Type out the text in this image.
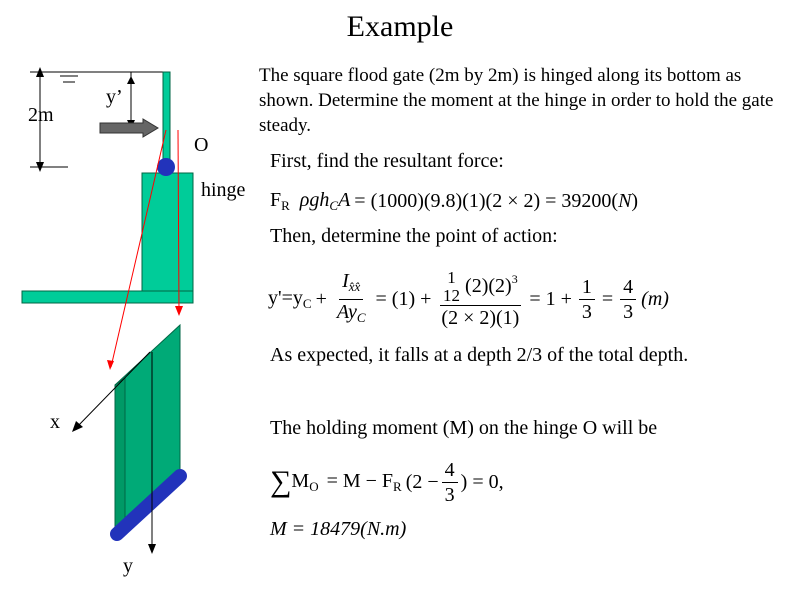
2m
y’
O
hinge
x
y
Example
The square flood gate (2m by 2m) is hinged along its bottom as shown. Determine the moment at the hinge in order to hold the gate steady.
First, find the resultant force:
$F_R$ ρgh$_C$A = (1000)(9.8)(1)(2 × 2) = 39200( N )
Then, determine the point of action:
$y'=y_C + \frac{I_{x̂x̂}}{Ay_C} = (1) + 1$
12 $(2)(2)^3$
$(2 \times 2)(1) = 1 + \frac{1}{3} = \frac{4}{3} (m)$
As expected, it falls at a depth 2/3 of the total depth.
The holding moment (M) on the hinge O will be
∑ $M_O = M - F_R$ ($2 - \frac{4}{3}$ ) = 0,
M = 18479(N.m)
